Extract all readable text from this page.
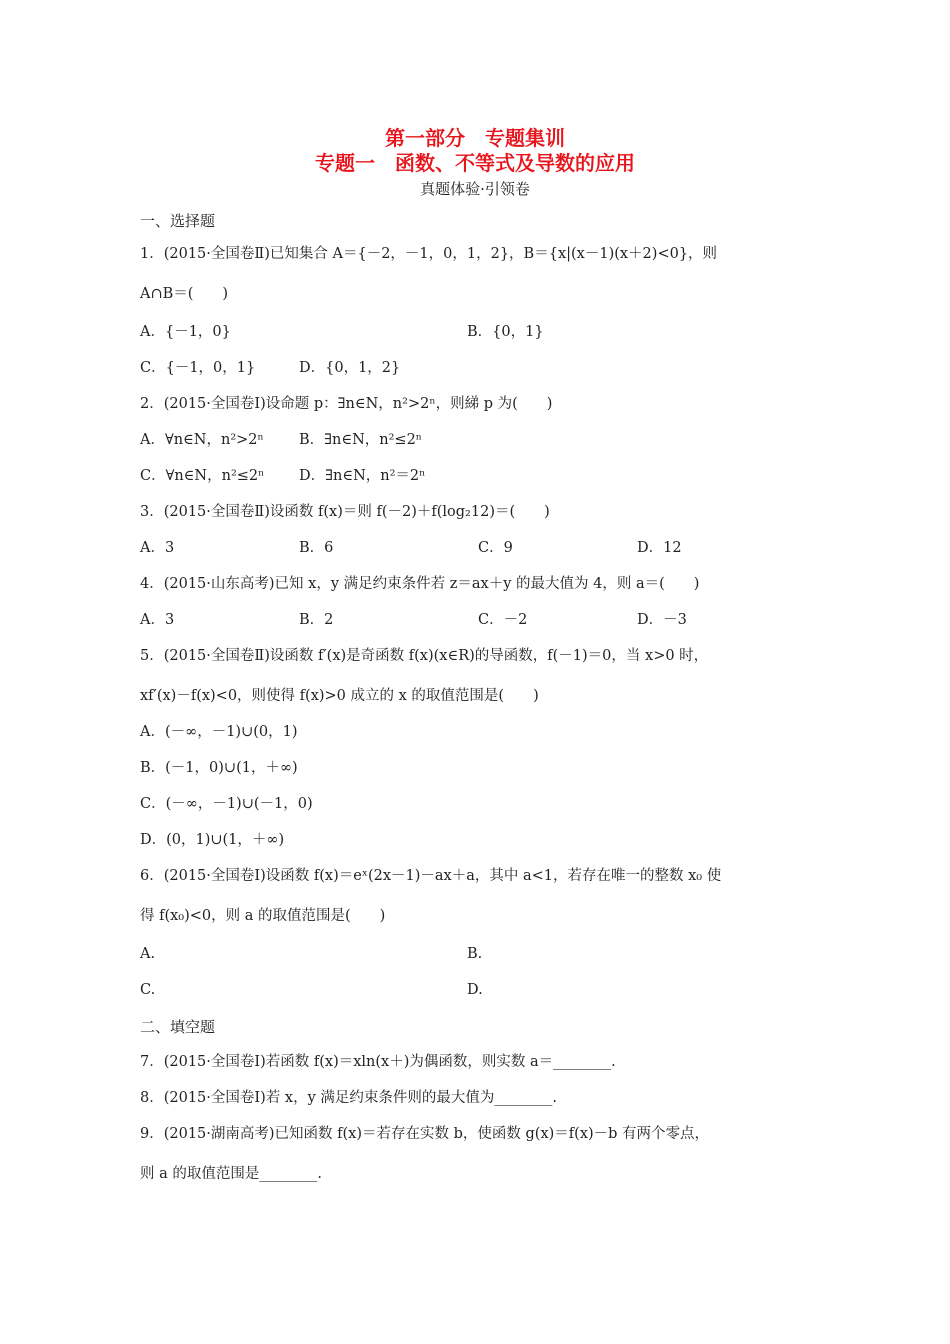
第一部分　专题集训
专题一　函数、不等式及导数的应用
真题体验·引领卷
一、选择题
1．(2015·全国卷Ⅱ)已知集合 A＝{－2，－1，0，1，2}，B＝{x|(x－1)(x＋2)<0}，则
A∩B＝(　　)
A．{－1，0}	B．{0，1}
C．{－1，0，1}	D．{0，1，2}
2．(2015·全国卷Ⅰ)设命题 p：∃n∈N，n²>2ⁿ，则綈 p 为(　　)
A．∀n∈N，n²>2ⁿ B．∃n∈N，n²≤2ⁿ
C．∀n∈N，n²≤2ⁿ D．∃n∈N，n²＝2ⁿ
3．(2015·全国卷Ⅱ)设函数 f(x)＝则 f(－2)＋f(log₂12)＝(　　)
A．3	B．6	C．9	D．12
4．(2015·山东高考)已知 x，y 满足约束条件若 z＝ax＋y 的最大值为 4，则 a＝(　　)
A．3	B．2	C．－2	D．－3
5．(2015·全国卷Ⅱ)设函数 f′(x)是奇函数 f(x)(x∈R)的导函数，f(－1)＝0，当 x>0 时，
xf′(x)－f(x)<0，则使得 f(x)>0 成立的 x 的取值范围是(　　)
A．(－∞，－1)∪(0，1)
B．(－1，0)∪(1，＋∞)
C．(－∞，－1)∪(－1，0)
D．(0，1)∪(1，＋∞)
6．(2015·全国卷Ⅰ)设函数 f(x)＝eˣ(2x－1)－ax＋a，其中 a<1，若存在唯一的整数 x₀ 使
得 f(x₀)<0，则 a 的取值范围是(　　)
A.	B.
C.	D.
二、填空题
7．(2015·全国卷Ⅰ)若函数 f(x)＝xln(x＋)为偶函数，则实数 a＝________.
8．(2015·全国卷Ⅰ)若 x，y 满足约束条件则的最大值为________.
9．(2015·湖南高考)已知函数 f(x)＝若存在实数 b，使函数 g(x)＝f(x)－b 有两个零点，
则 a 的取值范围是________.
